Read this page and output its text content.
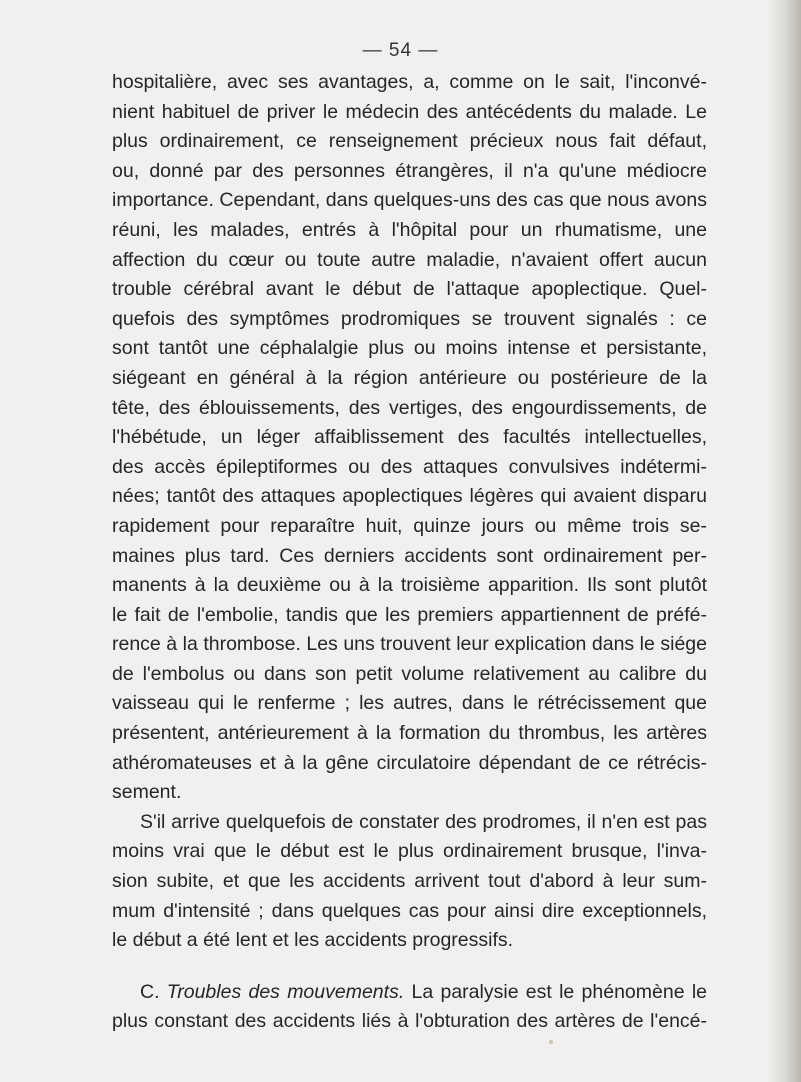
— 54 —
hospitalière, avec ses avantages, a, comme on le sait, l'inconvé-
nient habituel de priver le médecin des antécédents du malade. Le
plus ordinairement, ce renseignement précieux nous fait défaut,
ou, donné par des personnes étrangères, il n'a qu'une médiocre
importance. Cependant, dans quelques-uns des cas que nous avons
réuni, les malades, entrés à l'hôpital pour un rhumatisme, une
affection du cœur ou toute autre maladie, n'avaient offert aucun
trouble cérébral avant le début de l'attaque apoplectique. Quel-
quefois des symptômes prodromiques se trouvent signalés : ce
sont tantôt une céphalalgie plus ou moins intense et persistante,
siégeant en général à la région antérieure ou postérieure de la
tête, des éblouissements, des vertiges, des engourdissements, de
l'hébétude, un léger affaiblissement des facultés intellectuelles,
des accès épileptiformes ou des attaques convulsives indétermi-
nées; tantôt des attaques apoplectiques légères qui avaient disparu
rapidement pour reparaître huit, quinze jours ou même trois se-
maines plus tard. Ces derniers accidents sont ordinairement per-
manents à la deuxième ou à la troisième apparition. Ils sont plutôt
le fait de l'embolie, tandis que les premiers appartiennent de préfé-
rence à la thrombose. Les uns trouvent leur explication dans le siége
de l'embolus ou dans son petit volume relativement au calibre du
vaisseau qui le renferme ; les autres, dans le rétrécissement que
présentent, antérieurement à la formation du thrombus, les artères
athéromateuses et à la gêne circulatoire dépendant de ce rétrécis-
sement.
S'il arrive quelquefois de constater des prodromes, il n'en est pas
moins vrai que le début est le plus ordinairement brusque, l'inva-
sion subite, et que les accidents arrivent tout d'abord à leur sum-
mum d'intensité ; dans quelques cas pour ainsi dire exceptionnels,
le début a été lent et les accidents progressifs.
C. Troubles des mouvements. La paralysie est le phénomène le
plus constant des accidents liés à l'obturation des artères de l'encé-
